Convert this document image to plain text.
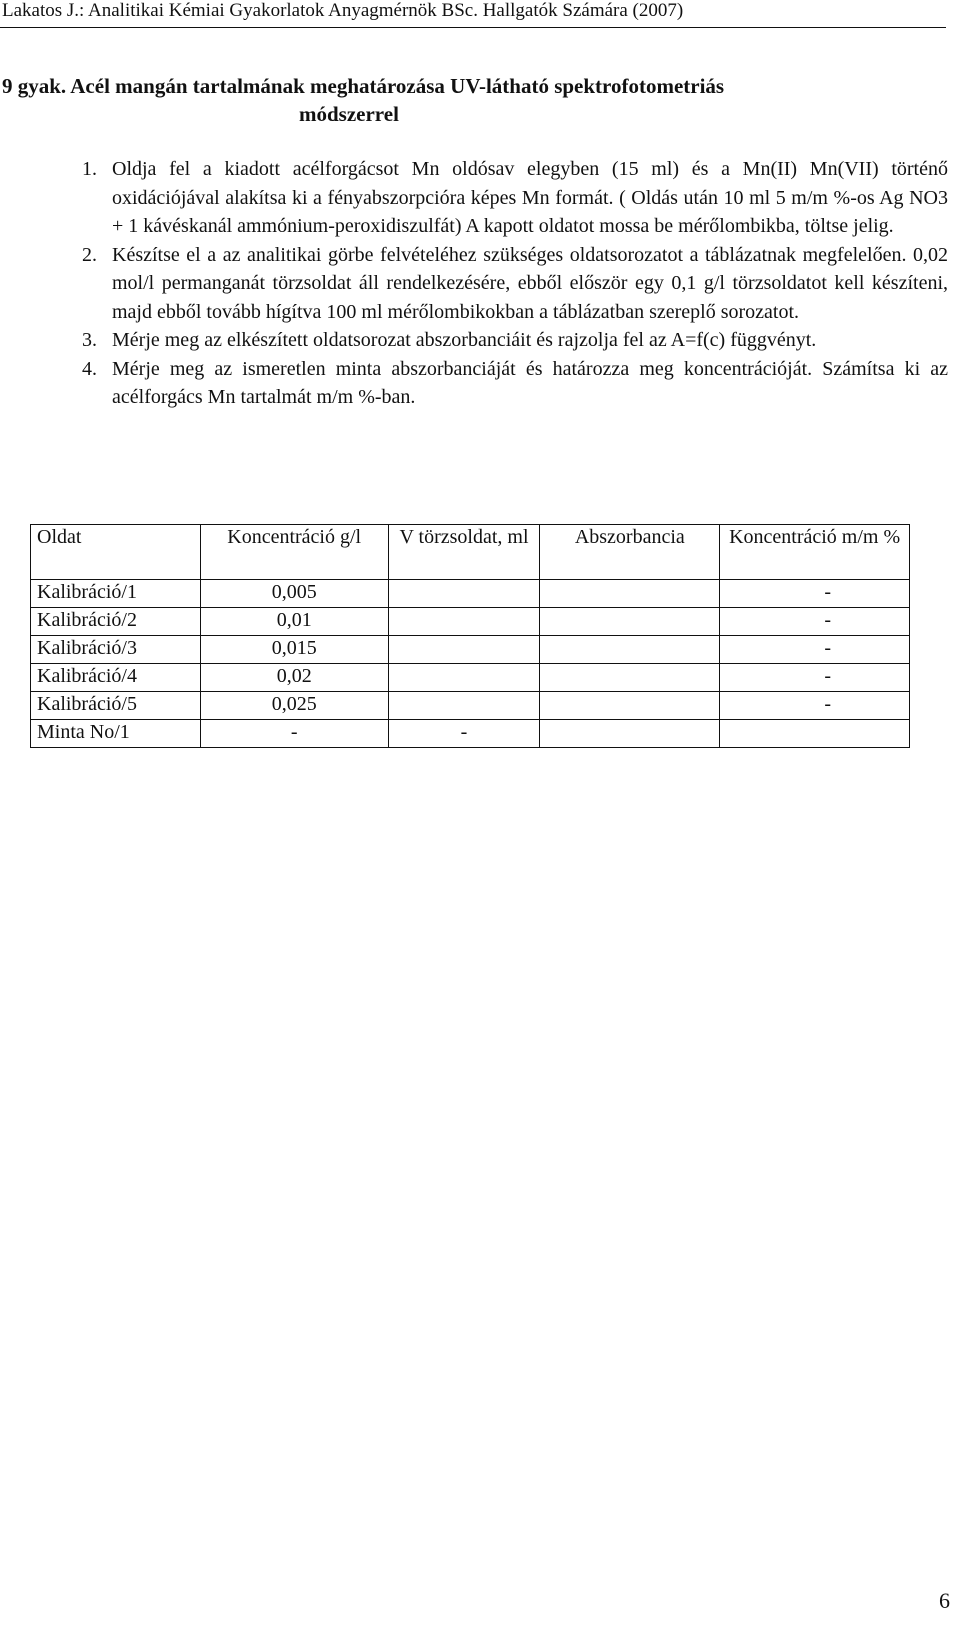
Lakatos J.: Analitikai Kémiai Gyakorlatok Anyagmérnök BSc. Hallgatók Számára (2007)
9 gyak. Acél mangán tartalmának meghatározása UV-látható spektrofotometriás
módszerrel
1. Oldja fel a kiadott acélforgácsot Mn oldósav elegyben (15 ml) és a Mn(II) Mn(VII) történő oxidációjával alakítsa ki a fényabszorpcióra képes Mn formát. ( Oldás után 10 ml 5 m/m %-os Ag NO3 + 1 kávéskanál ammónium-peroxidiszulfát) A kapott oldatot mossa be mérőlombikba, töltse jelig.
2. Készítse el a az analitikai görbe felvételéhez szükséges oldatsorozatot a táblázatnak megfelelően. 0,02 mol/l permanganát törzsoldat áll rendelkezésére, ebből először egy 0,1 g/l törzsoldatot kell készíteni, majd ebből tovább hígítva 100 ml mérőlombikokban a táblázatban szereplő sorozatot.
3. Mérje meg az elkészített oldatsorozat abszorbanciáit és rajzolja fel az A=f(c) függvényt.
4. Mérje meg az ismeretlen minta abszorbanciáját és határozza meg koncentrációját. Számítsa ki az acélforgács Mn tartalmát m/m %-ban.
Oldat	Koncentráció g/l	V törzsoldat, ml	Abszorbancia	Koncentráció m/m %
Kalibráció/1	0,005			-
Kalibráció/2	0,01			-
Kalibráció/3	0,015			-
Kalibráció/4	0,02			-
Kalibráció/5	0,025			-
Minta No/1	-	-		
6
